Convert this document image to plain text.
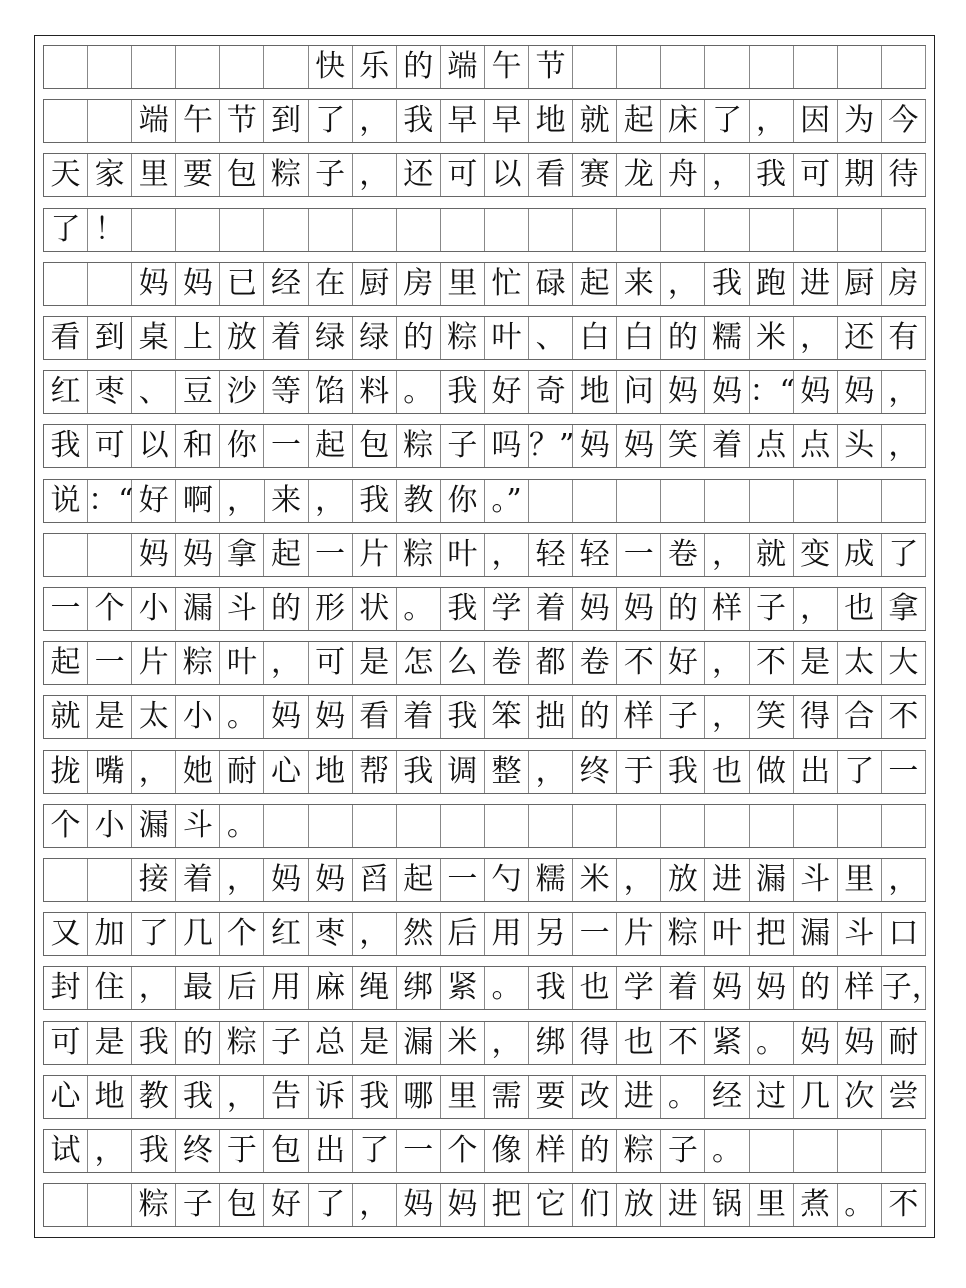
快 乐 的 端 午 节
端 午 节 到 了 ， 我 早 早 地 就 起 床 了 ， 因 为 今
天 家 里 要 包 粽 子 ， 还 可 以 看 赛 龙 舟 ， 我 可 期 待
了 ！
妈 妈 已 经 在 厨 房 里 忙 碌 起 来 ， 我 跑 进 厨 房
看 到 桌 上 放 着 绿 绿 的 粽 叶 、 白 白 的 糯 米 ， 还 有
红 枣 、 豆 沙 等 馅 料 。 我 好 奇 地 问 妈 妈 ：“ 妈 妈 ，
我 可 以 和 你 一 起 包 粽 子 吗 ？” 妈 妈 笑 着 点 点 头 ，
说 ：“ 好 啊 ， 来 ， 我 教 你 。”
妈 妈 拿 起 一 片 粽 叶 ， 轻 轻 一 卷 ， 就 变 成 了
一 个 小 漏 斗 的 形 状 。 我 学 着 妈 妈 的 样 子 ， 也 拿
起 一 片 粽 叶 ， 可 是 怎 么 卷 都 卷 不 好 ， 不 是 太 大
就 是 太 小 。 妈 妈 看 着 我 笨 拙 的 样 子 ， 笑 得 合 不
拢 嘴 ， 她 耐 心 地 帮 我 调 整 ， 终 于 我 也 做 出 了 一
个 小 漏 斗 。
接 着 ， 妈 妈 舀 起 一 勺 糯 米 ， 放 进 漏 斗 里 ，
又 加 了 几 个 红 枣 ， 然 后 用 另 一 片 粽 叶 把 漏 斗 口
封 住 ， 最 后 用 麻 绳 绑 紧 。 我 也 学 着 妈 妈 的 样 子，
可 是 我 的 粽 子 总 是 漏 米 ， 绑 得 也 不 紧 。 妈 妈 耐
心 地 教 我 ， 告 诉 我 哪 里 需 要 改 进 。 经 过 几 次 尝
试 ， 我 终 于 包 出 了 一 个 像 样 的 粽 子 。
粽 子 包 好 了 ， 妈 妈 把 它 们 放 进 锅 里 煮 。 不
